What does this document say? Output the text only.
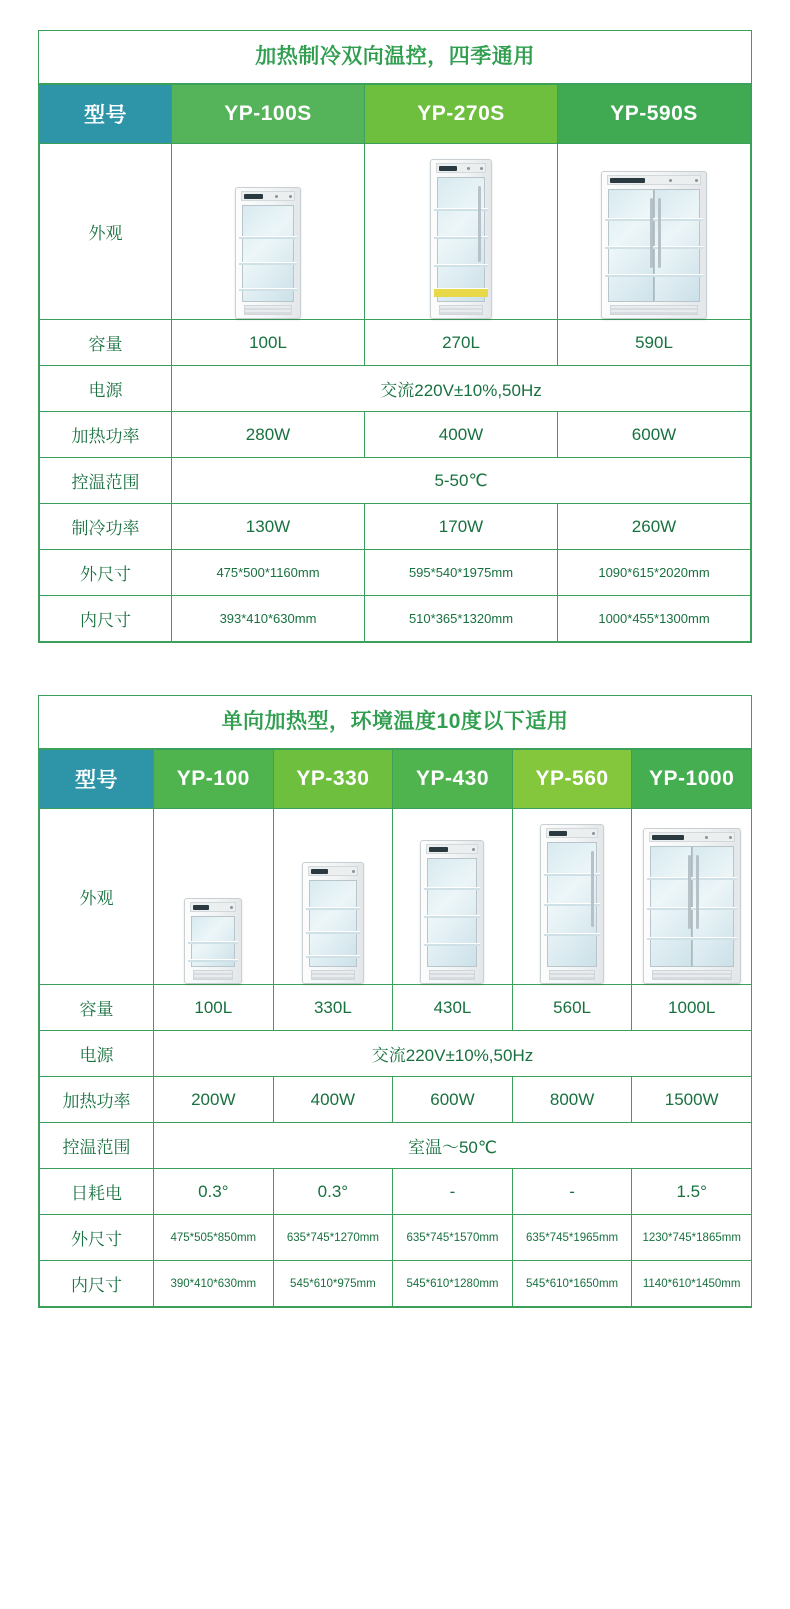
加热制冷双向温控，四季通用
型号	YP-100S	YP-270S	YP-590S
外观	

容量	100L	270L	590L
电源	交流220V±10%,50Hz		
加热功率	280W	400W	600W
控温范围	5-50℃		
制冷功率	130W	170W	260W
外尺寸	475*500*1160mm	595*540*1975mm	1090*615*2020mm
内尺寸	393*410*630mm	510*365*1320mm	1000*455*1300mm
单向加热型，环境温度10度以下适用
型号	YP-100	YP-330	YP-430	YP-560	YP-1000
外观	

容量	100L	330L	430L	560L	1000L
电源	交流220V±10%,50Hz				
加热功率	200W	400W	600W	800W	1500W
控温范围	室温～50℃				
日耗电	0.3°	0.3°	-	-	1.5°
外尺寸	475*505*850mm	635*745*1270mm	635*745*1570mm	635*745*1965mm	1230*745*1865mm
内尺寸	390*410*630mm	545*610*975mm	545*610*1280mm	545*610*1650mm	1140*610*1450mm
